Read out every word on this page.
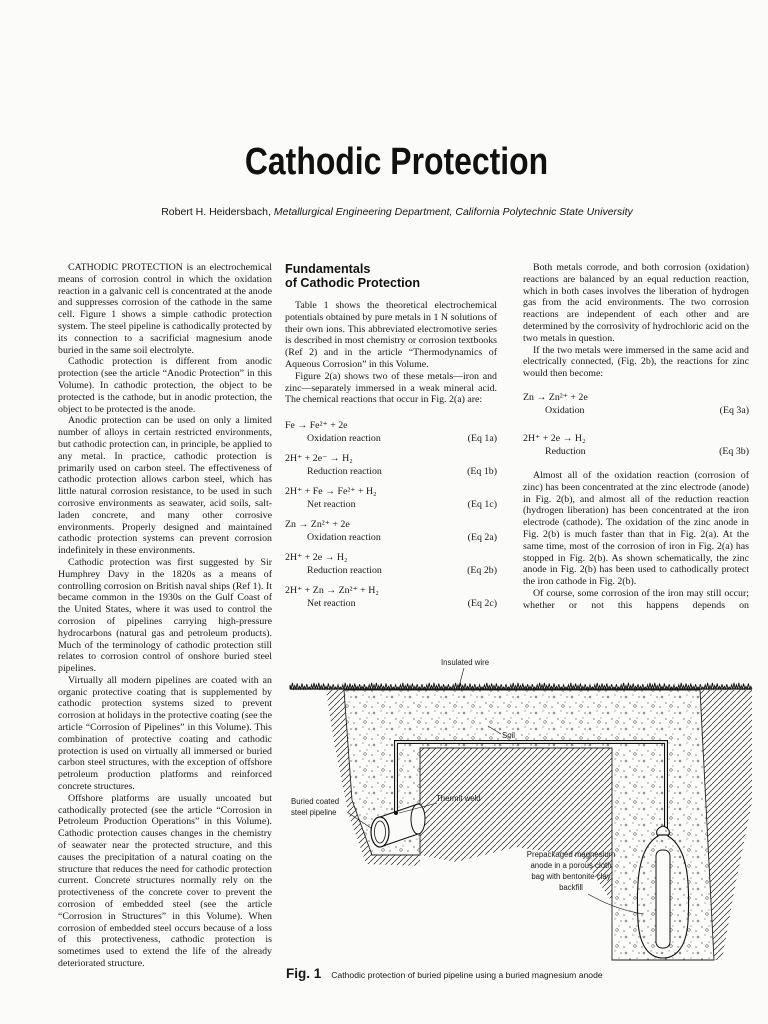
Cathodic Protection
Robert H. Heidersbach, Metallurgical Engineering Department, California Polytechnic State University

CATHODIC PROTECTION is an electrochemical means of corrosion control in which the oxidation reaction in a galvanic cell is concentrated at the anode and suppresses corrosion of the cathode in the same cell. Figure 1 shows a simple cathodic protection system. The steel pipeline is cathodically protected by its connection to a sacrificial magnesium anode buried in the same soil electrolyte.

Cathodic protection is different from anodic protection (see the article “Anodic Protection” in this Volume). In cathodic protection, the object to be protected is the cathode, but in anodic protection, the object to be protected is the anode.

Anodic protection can be used on only a limited number of alloys in certain restricted environments, but cathodic protection can, in principle, be applied to any metal. In practice, cathodic protection is primarily used on carbon steel. The effectiveness of cathodic protection allows carbon steel, which has little natural corrosion resistance, to be used in such corrosive environments as seawater, acid soils, salt-laden concrete, and many other corrosive environments. Properly designed and maintained cathodic protection systems can prevent corrosion indefinitely in these environments.

Cathodic protection was first suggested by Sir Humphrey Davy in the 1820s as a means of controlling corrosion on British naval ships (Ref 1). It became common in the 1930s on the Gulf Coast of the United States, where it was used to control the corrosion of pipelines carrying high-pressure hydrocarbons (natural gas and petroleum products). Much of the terminology of cathodic protection still relates to corrosion control of onshore buried steel pipelines.

Virtually all modern pipelines are coated with an organic protective coating that is supplemented by cathodic protection systems sized to prevent corrosion at holidays in the protective coating (see the article “Corrosion of Pipelines” in this Volume). This combination of protective coating and cathodic protection is used on virtually all immersed or buried carbon steel structures, with the exception of offshore petroleum production platforms and reinforced concrete structures.

Offshore platforms are usually uncoated but cathodically protected (see the article “Corrosion in Petroleum Production Operations” in this Volume). Cathodic protection causes changes in the chemistry of seawater near the protected structure, and this causes the precipitation of a natural coating on the structure that reduces the need for cathodic protection current. Concrete structures normally rely on the protectiveness of the concrete cover to prevent the corrosion of embedded steel (see the article “Corrosion in Structures” in this Volume). When corrosion of embedded steel occurs because of a loss of this protectiveness, cathodic protection is sometimes used to extend the life of the already deteriorated structure.

Fundamentals
of Cathodic Protection

Table 1 shows the theoretical electrochemical potentials obtained by pure metals in 1 N solutions of their own ions. This abbreviated electromotive series is described in most chemistry or corrosion textbooks (Ref 2) and in the article “Thermodynamics of Aqueous Corrosion” in this Volume.

Figure 2(a) shows two of these metals—iron and zinc—separately immersed in a weak mineral acid. The chemical reactions that occur in Fig. 2(a) are:

Fe → Fe²⁺ + 2e
Oxidation reaction	(Eq 1a)
2H⁺ + 2e⁻ → H₂
Reduction reaction	(Eq 1b)
2H⁺ + Fe → Fe²⁺ + H₂
Net reaction	(Eq 1c)
Zn → Zn²⁺ + 2e
Oxidation reaction	(Eq 2a)
2H⁺ + 2e → H₂
Reduction reaction	(Eq 2b)
2H⁺ + Zn → Zn²⁺ + H₂
Net reaction	(Eq 2c)

Both metals corrode, and both corrosion (oxidation) reactions are balanced by an equal reduction reaction, which in both cases involves the liberation of hydrogen gas from the acid environments. The two corrosion reactions are independent of each other and are determined by the corrosivity of hydrochloric acid on the two metals in question.

If the two metals were immersed in the same acid and electrically connected, (Fig. 2b), the reactions for zinc would then become:

Zn → Zn²⁺ + 2e
Oxidation	(Eq 3a)
2H⁺ + 2e → H₂
Reduction	(Eq 3b)

Almost all of the oxidation reaction (corrosion of zinc) has been concentrated at the zinc electrode (anode) in Fig. 2(b), and almost all of the reduction reaction (hydrogen liberation) has been concentrated at the iron electrode (cathode). The oxidation of the zinc anode in Fig. 2(b) is much faster than that in Fig. 2(a). At the same time, most of the corrosion of iron in Fig. 2(a) has stopped in Fig. 2(b). As shown schematically, the zinc anode in Fig. 2(b) has been used to cathodically protect the iron cathode in Fig. 2(b).

Of course, some corrosion of the iron may still occur; whether or not this happens depends on

Insulated wire
Soil
Thermit weld
Buried coated
steel pipeline
Prepackaged magnesium
anode in a porous cloth
bag with bentonite clay
backfill
Fig. 1 Cathodic protection of buried pipeline using a buried magnesium anode
